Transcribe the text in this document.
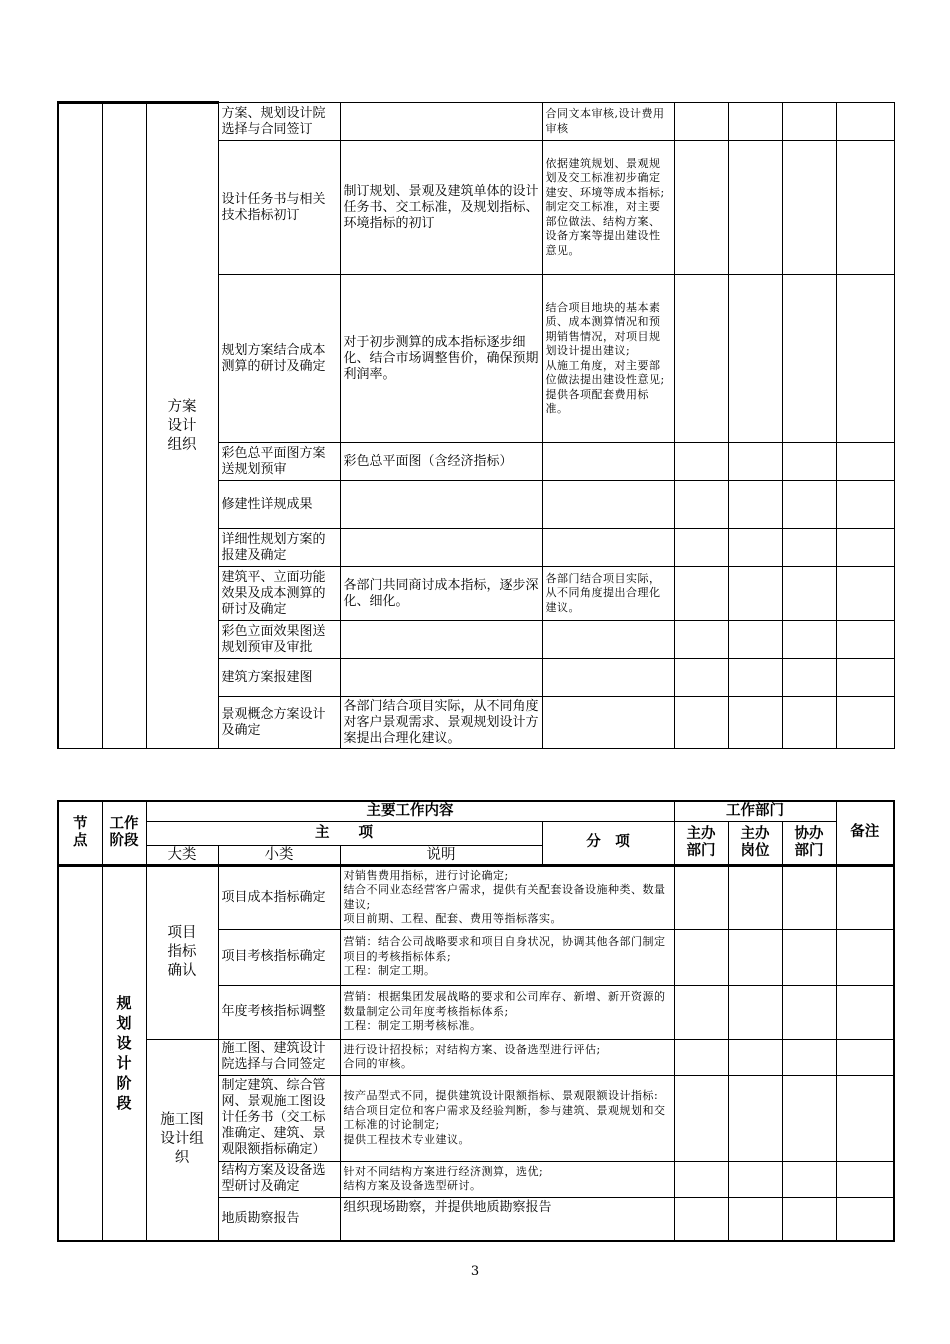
		方案设计组织	方案、规划设计院选择与合同签订		合同文本审核,设计费用审核				
			设计任务书与相关技术指标初订	制订规划、景观及建筑单体的设计任务书、交工标准，及规划指标、环境指标的初订	依据建筑规划、景观规划及交工标准初步确定建安、环境等成本指标;
制定交工标准，对主要部位做法、结构方案、设备方案等提出建设性意见。				
			规划方案结合成本测算的研讨及确定	对于初步测算的成本指标逐步细化、结合市场调整售价，确保预期利润率。	结合项目地块的基本素质、成本测算情况和预期销售情况，对项目规划设计提出建议;
从施工角度，对主要部位做法提出建设性意见;
提供各项配套费用标准。				
			彩色总平面图方案送规划预审	彩色总平面图（含经济指标）					
			修建性详规成果						
			详细性规划方案的报建及确定						
			建筑平、立面功能效果及成本测算的研讨及确定	各部门共同商讨成本指标，逐步深化、细化。	各部门结合项目实际，从不同角度提出合理化建议。				
			彩色立面效果图送规划预审及审批						
			建筑方案报建图						
			景观概念方案设计及确定	各部门结合项目实际，从不同角度对客户景观需求、景观规划设计方案提出合理化建议。					
节点	工作阶段	主要工作内容				工作部门			备注
		主　　项			分　项	主办部门	主办岗位	协办部门	

		大类	小类	说明					

	规划设计阶段	项目指标确认	项目成本指标确定	对销售费用指标，进行讨论确定;
结合不同业态经营客户需求，提供有关配套设备设施种类、数量建议;
项目前期、工程、配套、费用等指标落实。					
			项目考核指标确定	营销：结合公司战略要求和项目自身状况，协调其他各部门制定项目的考核指标体系;
工程：制定工期。					
			年度考核指标调整	营销：根据集团发展战略的要求和公司库存、新增、新开资源的数量制定公司年度考核指标体系;
工程：制定工期考核标准。					

		施工图设计组织	施工图、建筑设计院选择与合同签定	进行设计招投标；对结构方案、设备选型进行评估;
合同的审核。					
			制定建筑、综合管网、景观施工图设计任务书（交工标准确定、建筑、景观限额指标确定）	按产品型式不同，提供建筑设计限额指标、景观限额设计指标:
结合项目定位和客户需求及经验判断，参与建筑、景观规划和交工标准的讨论制定;
提供工程技术专业建议。					
			结构方案及设备选型研讨及确定	针对不同结构方案进行经济测算，选优;
结构方案及设备选型研讨。					
			地质勘察报告	组织现场勘察，并提供地质勘察报告					
3
